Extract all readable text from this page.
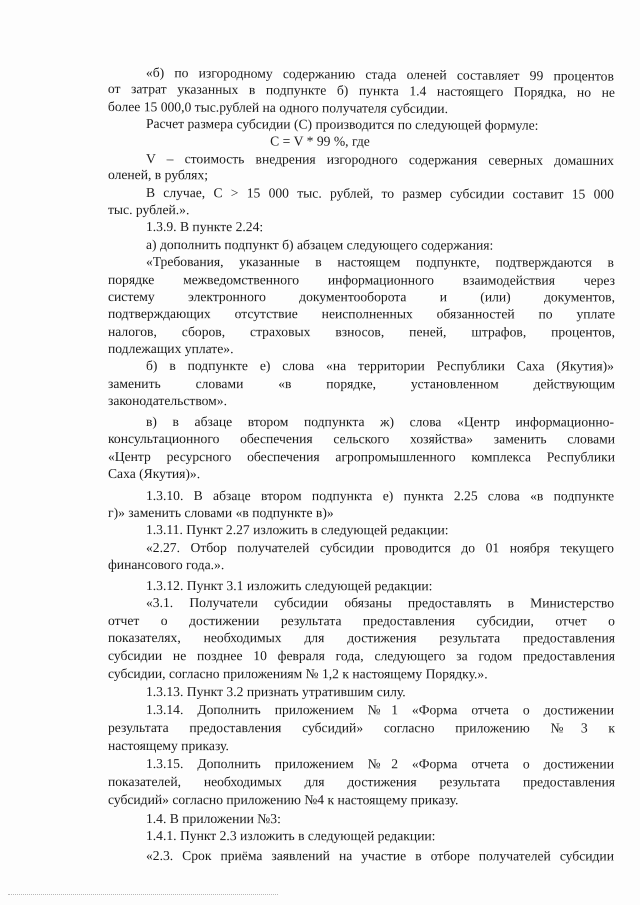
«б) по изгородному содержанию стада оленей составляет 99 процентов
от затрат указанных в подпункте б) пункта 1.4 настоящего Порядка, но не
более 15 000,0 тыс.рублей на одного получателя субсидии.
Расчет размера субсидии (С) производится по следующей формуле:
С = V * 99 %, где
V – стоимость внедрения изгородного содержания северных домашних
оленей, в рублях;
В случае, С > 15 000 тыс. рублей, то размер субсидии составит 15 000
тыс. рублей.».
1.3.9. В пункте 2.24:
а) дополнить подпункт б) абзацем следующего содержания:
«Требования, указанные в настоящем подпункте, подтверждаются в
порядке межведомственного информационного взаимодействия через
систему электронного документооборота и (или) документов,
подтверждающих отсутствие неисполненных обязанностей по уплате
налогов, сборов, страховых взносов, пеней, штрафов, процентов,
подлежащих уплате».
б) в подпункте е) слова «на территории Республики Саха (Якутия)»
заменить словами «в порядке, установленном действующим
законодательством».
в) в абзаце втором подпункта ж) слова «Центр информационно-
консультационного обеспечения сельского хозяйства» заменить словами
«Центр ресурсного обеспечения агропромышленного комплекса Республики
Саха (Якутия)».
1.3.10. В абзаце втором подпункта е) пункта 2.25 слова «в подпункте
г)» заменить словами «в подпункте в)»
1.3.11. Пункт 2.27 изложить в следующей редакции:
«2.27. Отбор получателей субсидии проводится до 01 ноября текущего
финансового года.».
1.3.12. Пункт 3.1 изложить следующей редакции:
«3.1. Получатели субсидии обязаны предоставлять в Министерство
отчет о достижении результата предоставления субсидии, отчет о
показателях, необходимых для достижения результата предоставления
субсидии не позднее 10 февраля года, следующего за годом предоставления
субсидии, согласно приложениям № 1,2 к настоящему Порядку.».
1.3.13. Пункт 3.2 признать утратившим силу.
1.3.14. Дополнить приложением №1 «Форма отчета о достижении
результата предоставления субсидий» согласно приложению №3 к
настоящему приказу.
1.3.15. Дополнить приложением №2 «Форма отчета о достижении
показателей, необходимых для достижения результата предоставления
субсидий» согласно приложению №4 к настоящему приказу.
1.4. В приложении №3:
1.4.1. Пункт 2.3 изложить в следующей редакции:
«2.3. Срок приёма заявлений на участие в отборе получателей субсидии
